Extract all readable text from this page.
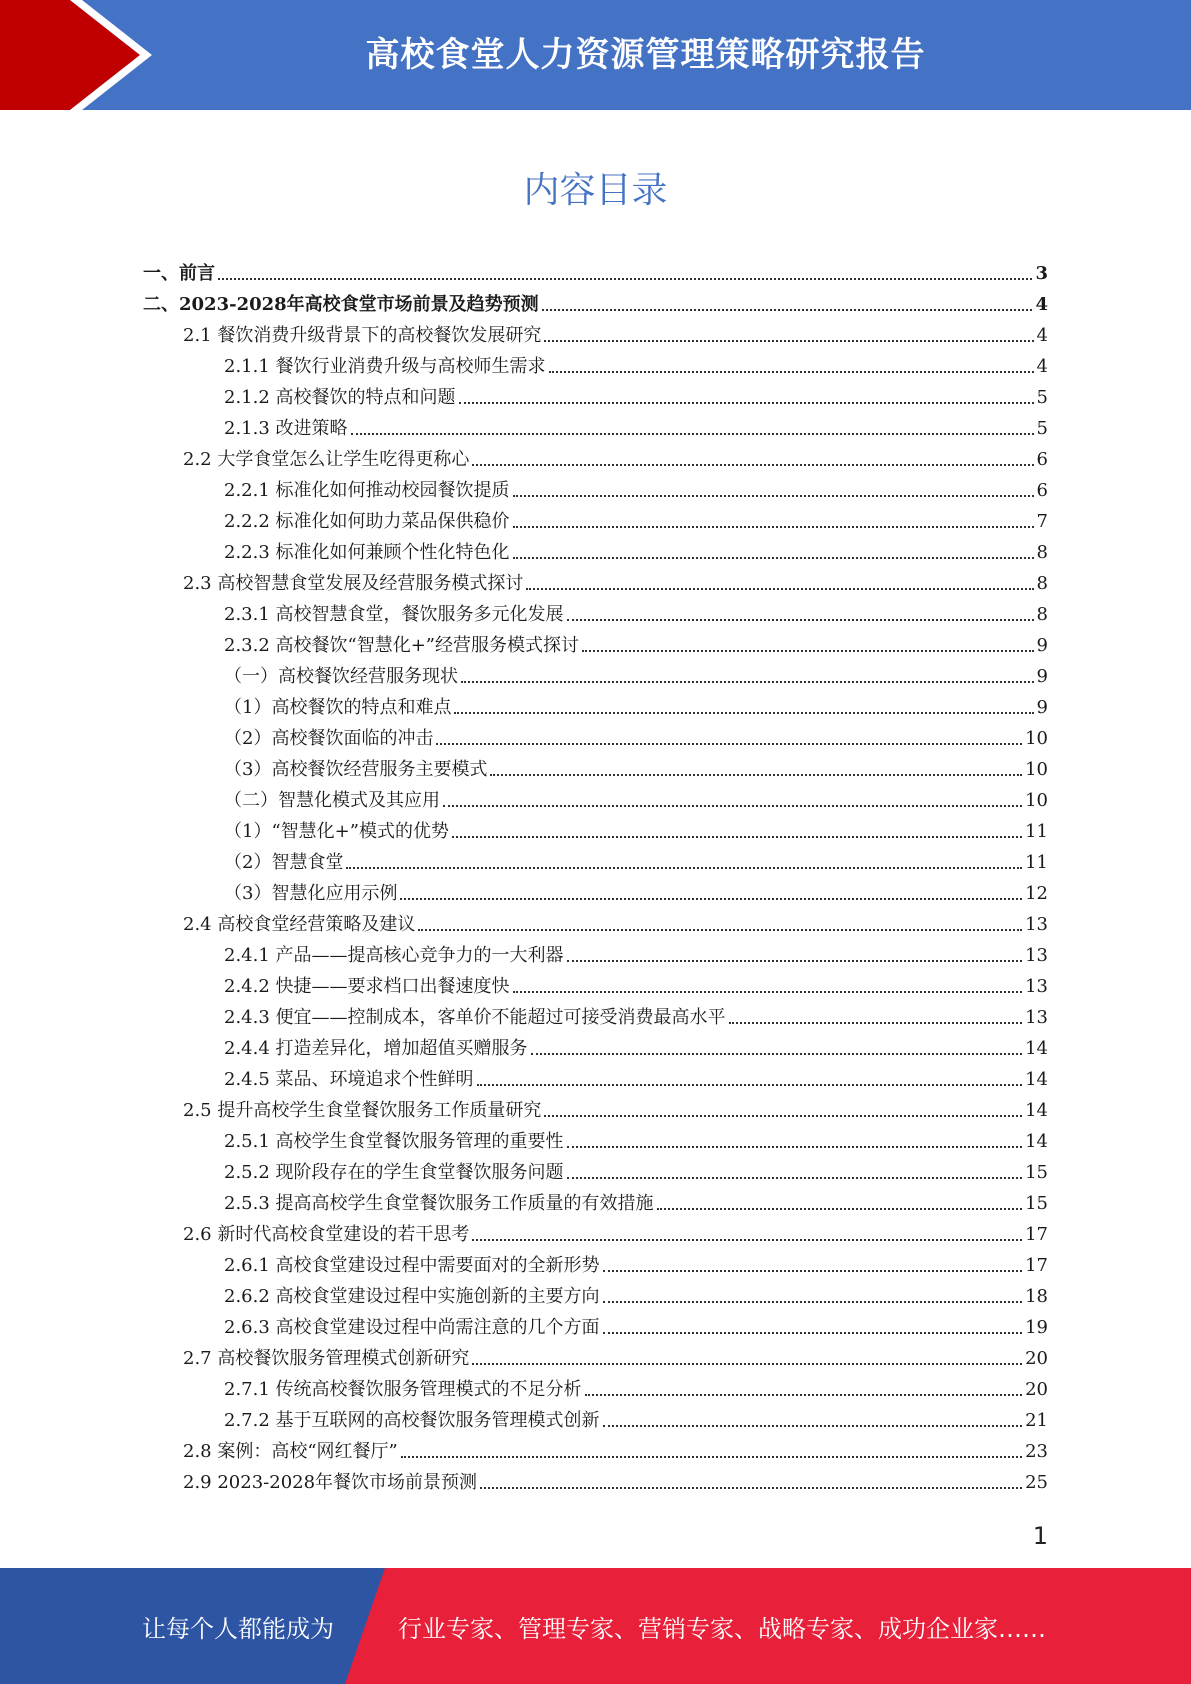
高校食堂人力资源管理策略研究报告
内容目录
一、前言	3
二、2023-2028年高校食堂市场前景及趋势预测	4
2.1 餐饮消费升级背景下的高校餐饮发展研究	4
2.1.1 餐饮行业消费升级与高校师生需求	4
2.1.2 高校餐饮的特点和问题	5
2.1.3 改进策略	5
2.2 大学食堂怎么让学生吃得更称心	6
2.2.1 标准化如何推动校园餐饮提质	6
2.2.2 标准化如何助力菜品保供稳价	7
2.2.3 标准化如何兼顾个性化特色化	8
2.3 高校智慧食堂发展及经营服务模式探讨	8
2.3.1 高校智慧食堂，餐饮服务多元化发展	8
2.3.2 高校餐饮“智慧化+”经营服务模式探讨	9
（一）高校餐饮经营服务现状	9
（1）高校餐饮的特点和难点	9
（2）高校餐饮面临的冲击	10
（3）高校餐饮经营服务主要模式	10
（二）智慧化模式及其应用	10
（1）“智慧化+”模式的优势	11
（2）智慧食堂	11
（3）智慧化应用示例	12
2.4 高校食堂经营策略及建议	13
2.4.1 产品——提高核心竞争力的一大利器	13
2.4.2 快捷——要求档口出餐速度快	13
2.4.3 便宜——控制成本，客单价不能超过可接受消费最高水平	13
2.4.4 打造差异化，增加超值买赠服务	14
2.4.5 菜品、环境追求个性鲜明	14
2.5 提升高校学生食堂餐饮服务工作质量研究	14
2.5.1 高校学生食堂餐饮服务管理的重要性	14
2.5.2 现阶段存在的学生食堂餐饮服务问题	15
2.5.3 提高高校学生食堂餐饮服务工作质量的有效措施	15
2.6 新时代高校食堂建设的若干思考	17
2.6.1 高校食堂建设过程中需要面对的全新形势	17
2.6.2 高校食堂建设过程中实施创新的主要方向	18
2.6.3 高校食堂建设过程中尚需注意的几个方面	19
2.7 高校餐饮服务管理模式创新研究	20
2.7.1 传统高校餐饮服务管理模式的不足分析	20
2.7.2 基于互联网的高校餐饮服务管理模式创新	21
2.8 案例：高校“网红餐厅”	23
2.9 2023-2028年餐饮市场前景预测	25
1
让每个人都能成为	行业专家、管理专家、营销专家、战略专家、成功企业家……
